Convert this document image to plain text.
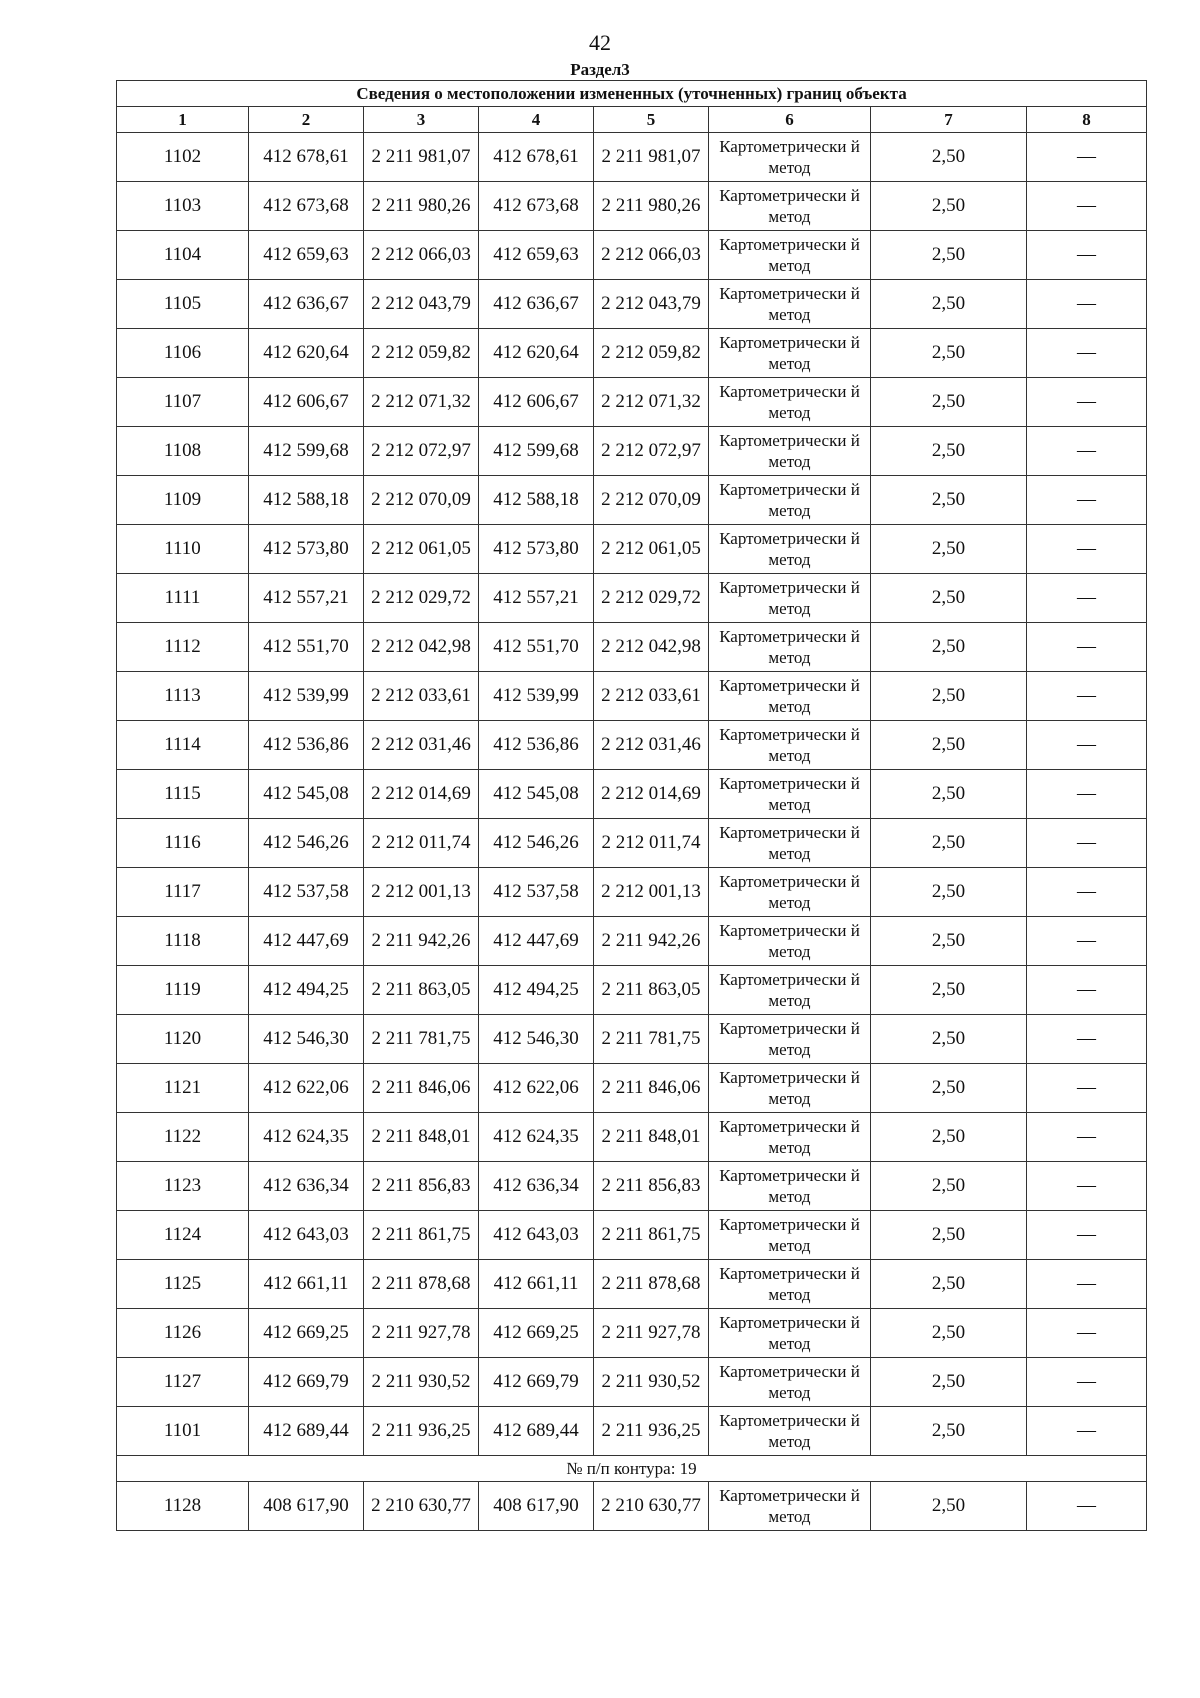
42
Раздел3
Сведения о местоположении измененных (уточненных) границ объекта							
1	2	3	4	5	6	7	8
1102	412 678,61	2 211 981,07	412 678,61	2 211 981,07	Картометрически й метод	2,50	—
1103	412 673,68	2 211 980,26	412 673,68	2 211 980,26	Картометрически й метод	2,50	—
1104	412 659,63	2 212 066,03	412 659,63	2 212 066,03	Картометрически й метод	2,50	—
1105	412 636,67	2 212 043,79	412 636,67	2 212 043,79	Картометрически й метод	2,50	—
1106	412 620,64	2 212 059,82	412 620,64	2 212 059,82	Картометрически й метод	2,50	—
1107	412 606,67	2 212 071,32	412 606,67	2 212 071,32	Картометрически й метод	2,50	—
1108	412 599,68	2 212 072,97	412 599,68	2 212 072,97	Картометрически й метод	2,50	—
1109	412 588,18	2 212 070,09	412 588,18	2 212 070,09	Картометрически й метод	2,50	—
1110	412 573,80	2 212 061,05	412 573,80	2 212 061,05	Картометрически й метод	2,50	—
1111	412 557,21	2 212 029,72	412 557,21	2 212 029,72	Картометрически й метод	2,50	—
1112	412 551,70	2 212 042,98	412 551,70	2 212 042,98	Картометрически й метод	2,50	—
1113	412 539,99	2 212 033,61	412 539,99	2 212 033,61	Картометрически й метод	2,50	—
1114	412 536,86	2 212 031,46	412 536,86	2 212 031,46	Картометрически й метод	2,50	—
1115	412 545,08	2 212 014,69	412 545,08	2 212 014,69	Картометрически й метод	2,50	—
1116	412 546,26	2 212 011,74	412 546,26	2 212 011,74	Картометрически й метод	2,50	—
1117	412 537,58	2 212 001,13	412 537,58	2 212 001,13	Картометрически й метод	2,50	—
1118	412 447,69	2 211 942,26	412 447,69	2 211 942,26	Картометрически й метод	2,50	—
1119	412 494,25	2 211 863,05	412 494,25	2 211 863,05	Картометрически й метод	2,50	—
1120	412 546,30	2 211 781,75	412 546,30	2 211 781,75	Картометрически й метод	2,50	—
1121	412 622,06	2 211 846,06	412 622,06	2 211 846,06	Картометрически й метод	2,50	—
1122	412 624,35	2 211 848,01	412 624,35	2 211 848,01	Картометрически й метод	2,50	—
1123	412 636,34	2 211 856,83	412 636,34	2 211 856,83	Картометрически й метод	2,50	—
1124	412 643,03	2 211 861,75	412 643,03	2 211 861,75	Картометрически й метод	2,50	—
1125	412 661,11	2 211 878,68	412 661,11	2 211 878,68	Картометрически й метод	2,50	—
1126	412 669,25	2 211 927,78	412 669,25	2 211 927,78	Картометрически й метод	2,50	—
1127	412 669,79	2 211 930,52	412 669,79	2 211 930,52	Картометрически й метод	2,50	—
1101	412 689,44	2 211 936,25	412 689,44	2 211 936,25	Картометрически й метод	2,50	—
№ п/п контура: 19							
1128	408 617,90	2 210 630,77	408 617,90	2 210 630,77	Картометрически й метод	2,50	—
